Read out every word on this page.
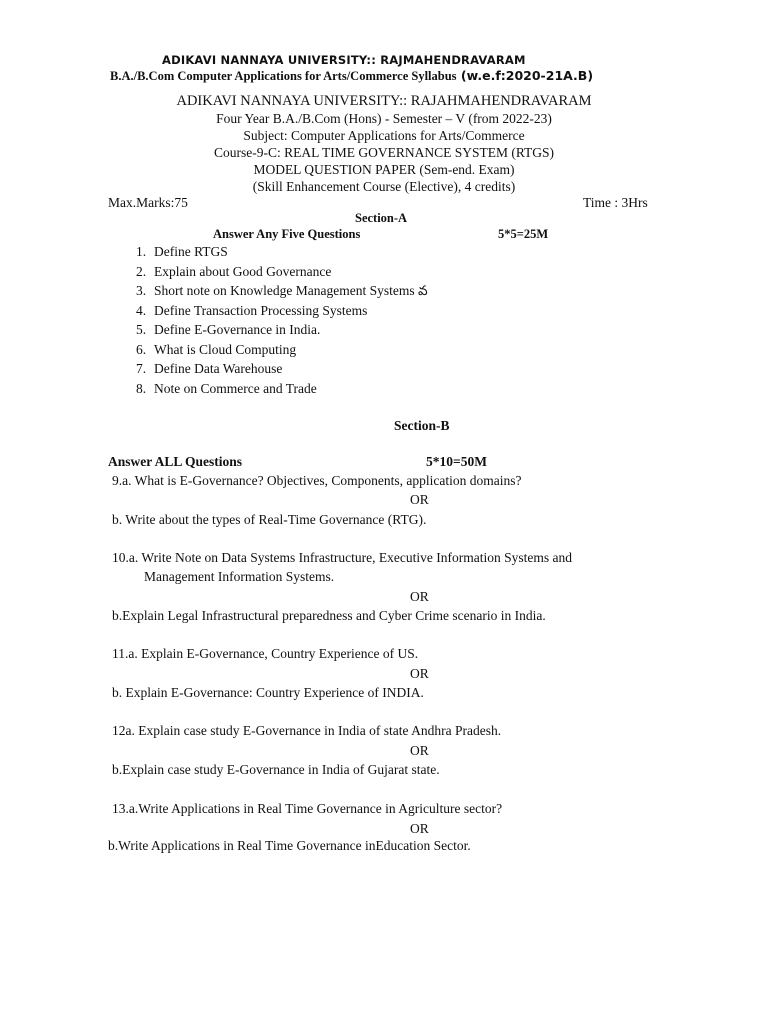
ADIKAVI NANNAYA UNIVERSITY:: RAJMAHENDRAVARAM
B.A./B.Com Computer Applications for Arts/Commerce Syllabus (w.e.f:2020-21A.B)
ADIKAVI NANNAYA UNIVERSITY:: RAJAHMAHENDRAVARAM
Four Year B.A./B.Com (Hons) - Semester – V (from 2022-23)
Subject: Computer Applications for Arts/Commerce
Course-9-C: REAL TIME GOVERNANCE SYSTEM (RTGS)
MODEL QUESTION PAPER (Sem-end. Exam)
(Skill Enhancement Course (Elective), 4 credits)
Max.Marks:75	Time : 3Hrs
Section-A
Answer Any Five Questions	5*5=25M
1. Define RTGS
2. Explain about Good Governance
3. Short note on Knowledge Management Systems వ
4. Define Transaction Processing Systems
5. Define E-Governance in India.
6. What is Cloud Computing
7. Define Data Warehouse
8. Note on Commerce and Trade
Section-B
Answer ALL Questions	5*10=50M
9.a. What is E-Governance? Objectives, Components, application domains?
OR
b. Write about the types of Real-Time Governance (RTG).
10.a. Write Note on Data Systems Infrastructure, Executive Information Systems and
Management Information Systems.
OR
b.Explain Legal Infrastructural preparedness and Cyber Crime scenario in India.
11.a. Explain E-Governance, Country Experience of US.
OR
b. Explain E-Governance: Country Experience of INDIA.
12a. Explain case study E-Governance in India of state Andhra Pradesh.
OR
b.Explain case study E-Governance in India of Gujarat state.
13.a.Write Applications in Real Time Governance in Agriculture sector?
OR
b.Write Applications in Real Time Governance inEducation Sector.
